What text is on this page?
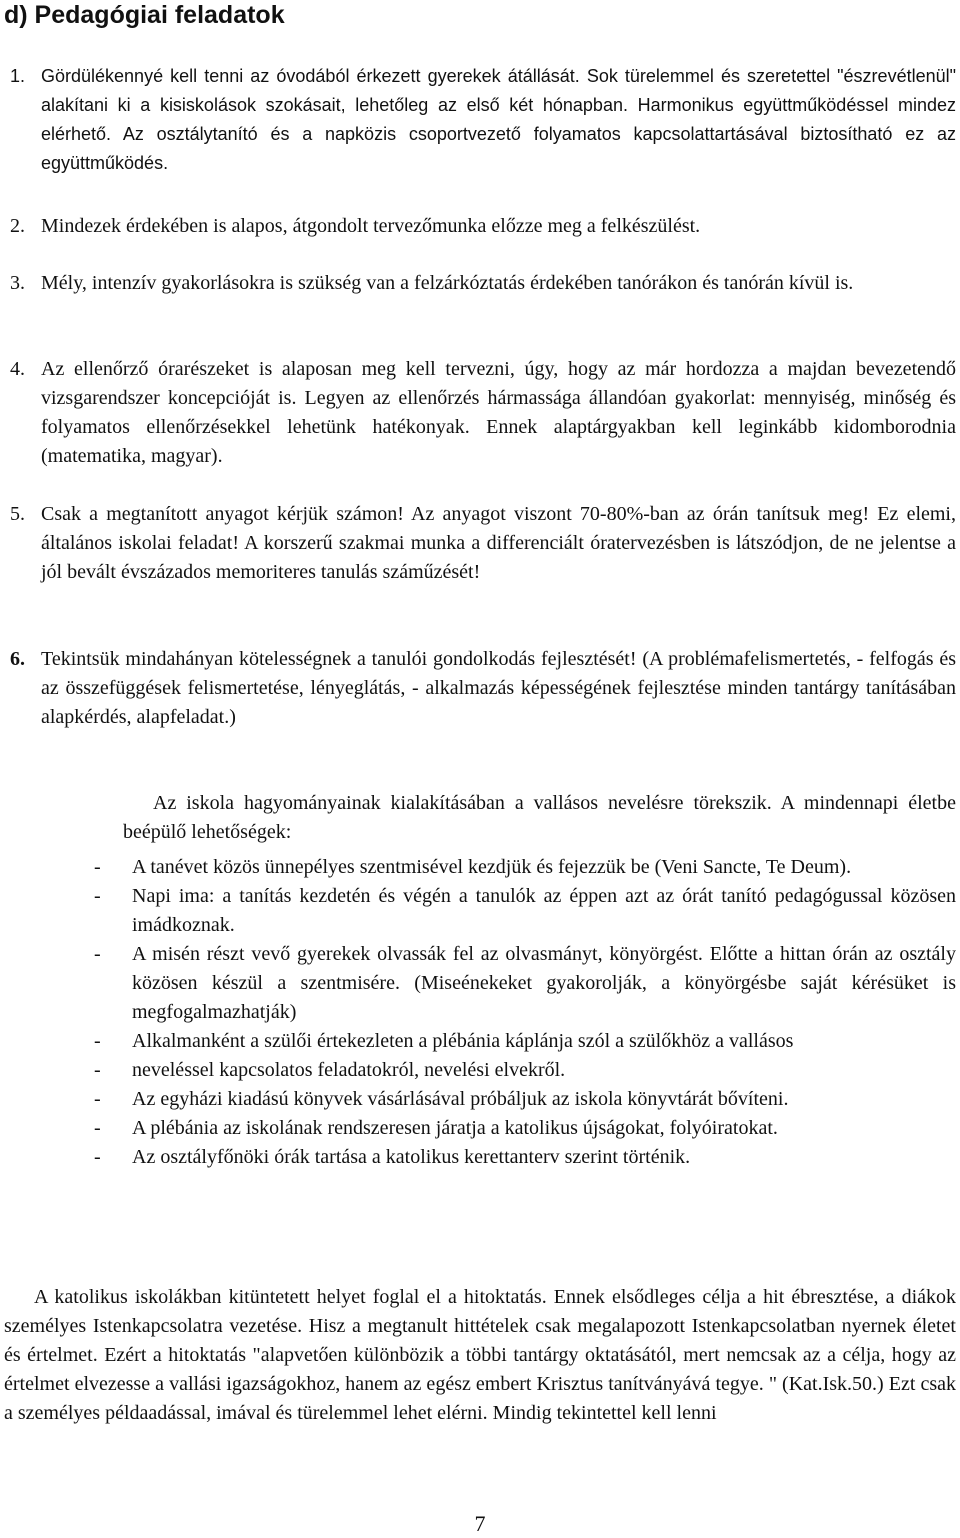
d) Pedagógiai feladatok
1. Gördülékennyé kell tenni az óvodából érkezett gyerekek átállását. Sok türelemmel és szeretettel "észrevétlenül" alakítani ki a kisiskolások szokásait, lehetőleg az első két hónapban. Harmonikus együttműködéssel mindez elérhető. Az osztálytanító és a napközis csoportvezető folyamatos kapcsolattartásával biztosítható ez az együttműködés.
2. Mindezek érdekében is alapos, átgondolt tervezőmunka előzze meg a felkészülést.
3. Mély, intenzív gyakorlásokra is szükség van a felzárkóztatás érdekében tanórákon és tanórán kívül is.
4. Az ellenőrző órarészeket is alaposan meg kell tervezni, úgy, hogy az már hordozza a majdan bevezetendő vizsgarendszer koncepcióját is. Legyen az ellenőrzés hármassága állandóan gyakorlat: mennyiség, minőség és folyamatos ellenőrzésekkel lehetünk hatékonyak. Ennek alaptárgyakban kell leginkább kidomborodnia (matematika, magyar).
5. Csak a megtanított anyagot kérjük számon! Az anyagot viszont 70-80%-ban az órán tanítsuk meg! Ez elemi, általános iskolai feladat! A korszerű szakmai munka a differenciált óratervezésben is látszódjon, de ne jelentse a jól bevált évszázados memoriteres tanulás száműzését!
6. Tekintsük mindahányan kötelességnek a tanulói gondolkodás fejlesztését! (A problémafelismertetés, - felfogás és az összefüggések felismertetése, lényeglátás, - alkalmazás képességének fejlesztése minden tantárgy tanításában alapkérdés, alapfeladat.)
Az iskola hagyományainak kialakításában a vallásos nevelésre törekszik. A mindennapi életbe beépülő lehetőségek:
- A tanévet közös ünnepélyes szentmisével kezdjük és fejezzük be (Veni Sancte, Te Deum).
- Napi ima: a tanítás kezdetén és végén a tanulók az éppen azt az órát tanító pedagógussal közösen imádkoznak.
- A misén részt vevő gyerekek olvassák fel az olvasmányt, könyörgést. Előtte a hittan órán az osztály közösen készül a szentmisére. (Miseénekeket gyakorolják, a könyörgésbe saját kérésüket is megfogalmazhatják)
- Alkalmanként a szülői értekezleten a plébánia káplánja szól a szülőkhöz a vallásos
- neveléssel kapcsolatos feladatokról, nevelési elvekről.
- Az egyházi kiadású könyvek vásárlásával próbáljuk az iskola könyvtárát bővíteni.
- A plébánia az iskolának rendszeresen járatja a katolikus újságokat, folyóiratokat.
- Az osztályfőnöki órák tartása a katolikus kerettanterv szerint történik.
A katolikus iskolákban kitüntetett helyet foglal el a hitoktatás. Ennek elsődleges célja a hit ébresztése, a diákok személyes Istenkapcsolatra vezetése. Hisz a megtanult hittételek csak megalapozott Istenkapcsolatban nyernek életet és értelmet. Ezért a hitoktatás "alapvetően különbözik a többi tantárgy oktatásától, mert nemcsak az a célja, hogy az értelmet elvezesse a vallási igazságokhoz, hanem az egész embert Krisztus tanítványává tegye. " (Kat.Isk.50.) Ezt csak a személyes példaadással, imával és türelemmel lehet elérni. Mindig tekintettel kell lenni
7
